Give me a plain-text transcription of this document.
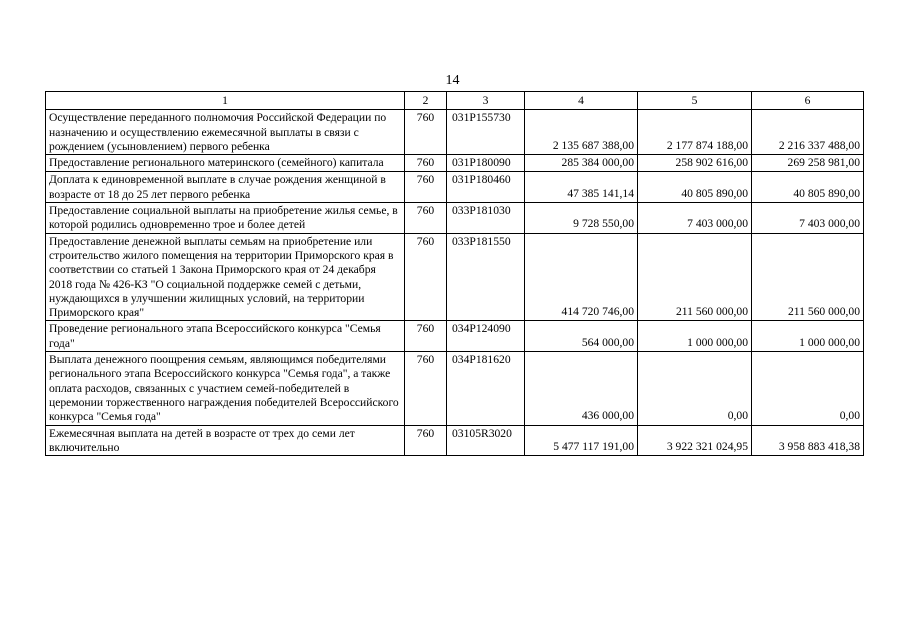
14
1	2	3	4	5	6
Осуществление переданного полномочия Российской Федерации по назначению и осуществлению ежемесячной выплаты в связи с рождением (усыновлением) первого ребенка	760	031P155730	2 135 687 388,00	2 177 874 188,00	2 216 337 488,00
Предоставление регионального материнского (семейного) капитала	760	031P180090	285 384 000,00	258 902 616,00	269 258 981,00
Доплата к единовременной выплате в случае рождения женщиной в возрасте от 18 до 25 лет первого ребенка	760	031P180460	47 385 141,14	40 805 890,00	40 805 890,00
Предоставление социальной выплаты на приобретение жилья семье, в которой родились одновременно трое и более детей	760	033P181030	9 728 550,00	7 403 000,00	7 403 000,00
Предоставление денежной выплаты семьям на приобретение или строительство жилого помещения на территории Приморского края в соответствии со статьей 1 Закона Приморского края от 24 декабря 2018 года № 426-КЗ "О социальной поддержке семей с детьми, нуждающихся в улучшении жилищных условий, на территории Приморского края"	760	033P181550	414 720 746,00	211 560 000,00	211 560 000,00
Проведение регионального этапа Всероссийского конкурса "Семья года"	760	034P124090	564 000,00	1 000 000,00	1 000 000,00
Выплата денежного поощрения семьям, являющимся победителями регионального этапа Всероссийского конкурса "Семья года", а также оплата расходов, связанных с участием семей-победителей в церемонии торжественного награждения победителей Всероссийского конкурса "Семья года"	760	034P181620	436 000,00	0,00	0,00
Ежемесячная выплата на детей в возрасте от трех до семи лет включительно	760	03105R3020	5 477 117 191,00	3 922 321 024,95	3 958 883 418,38
